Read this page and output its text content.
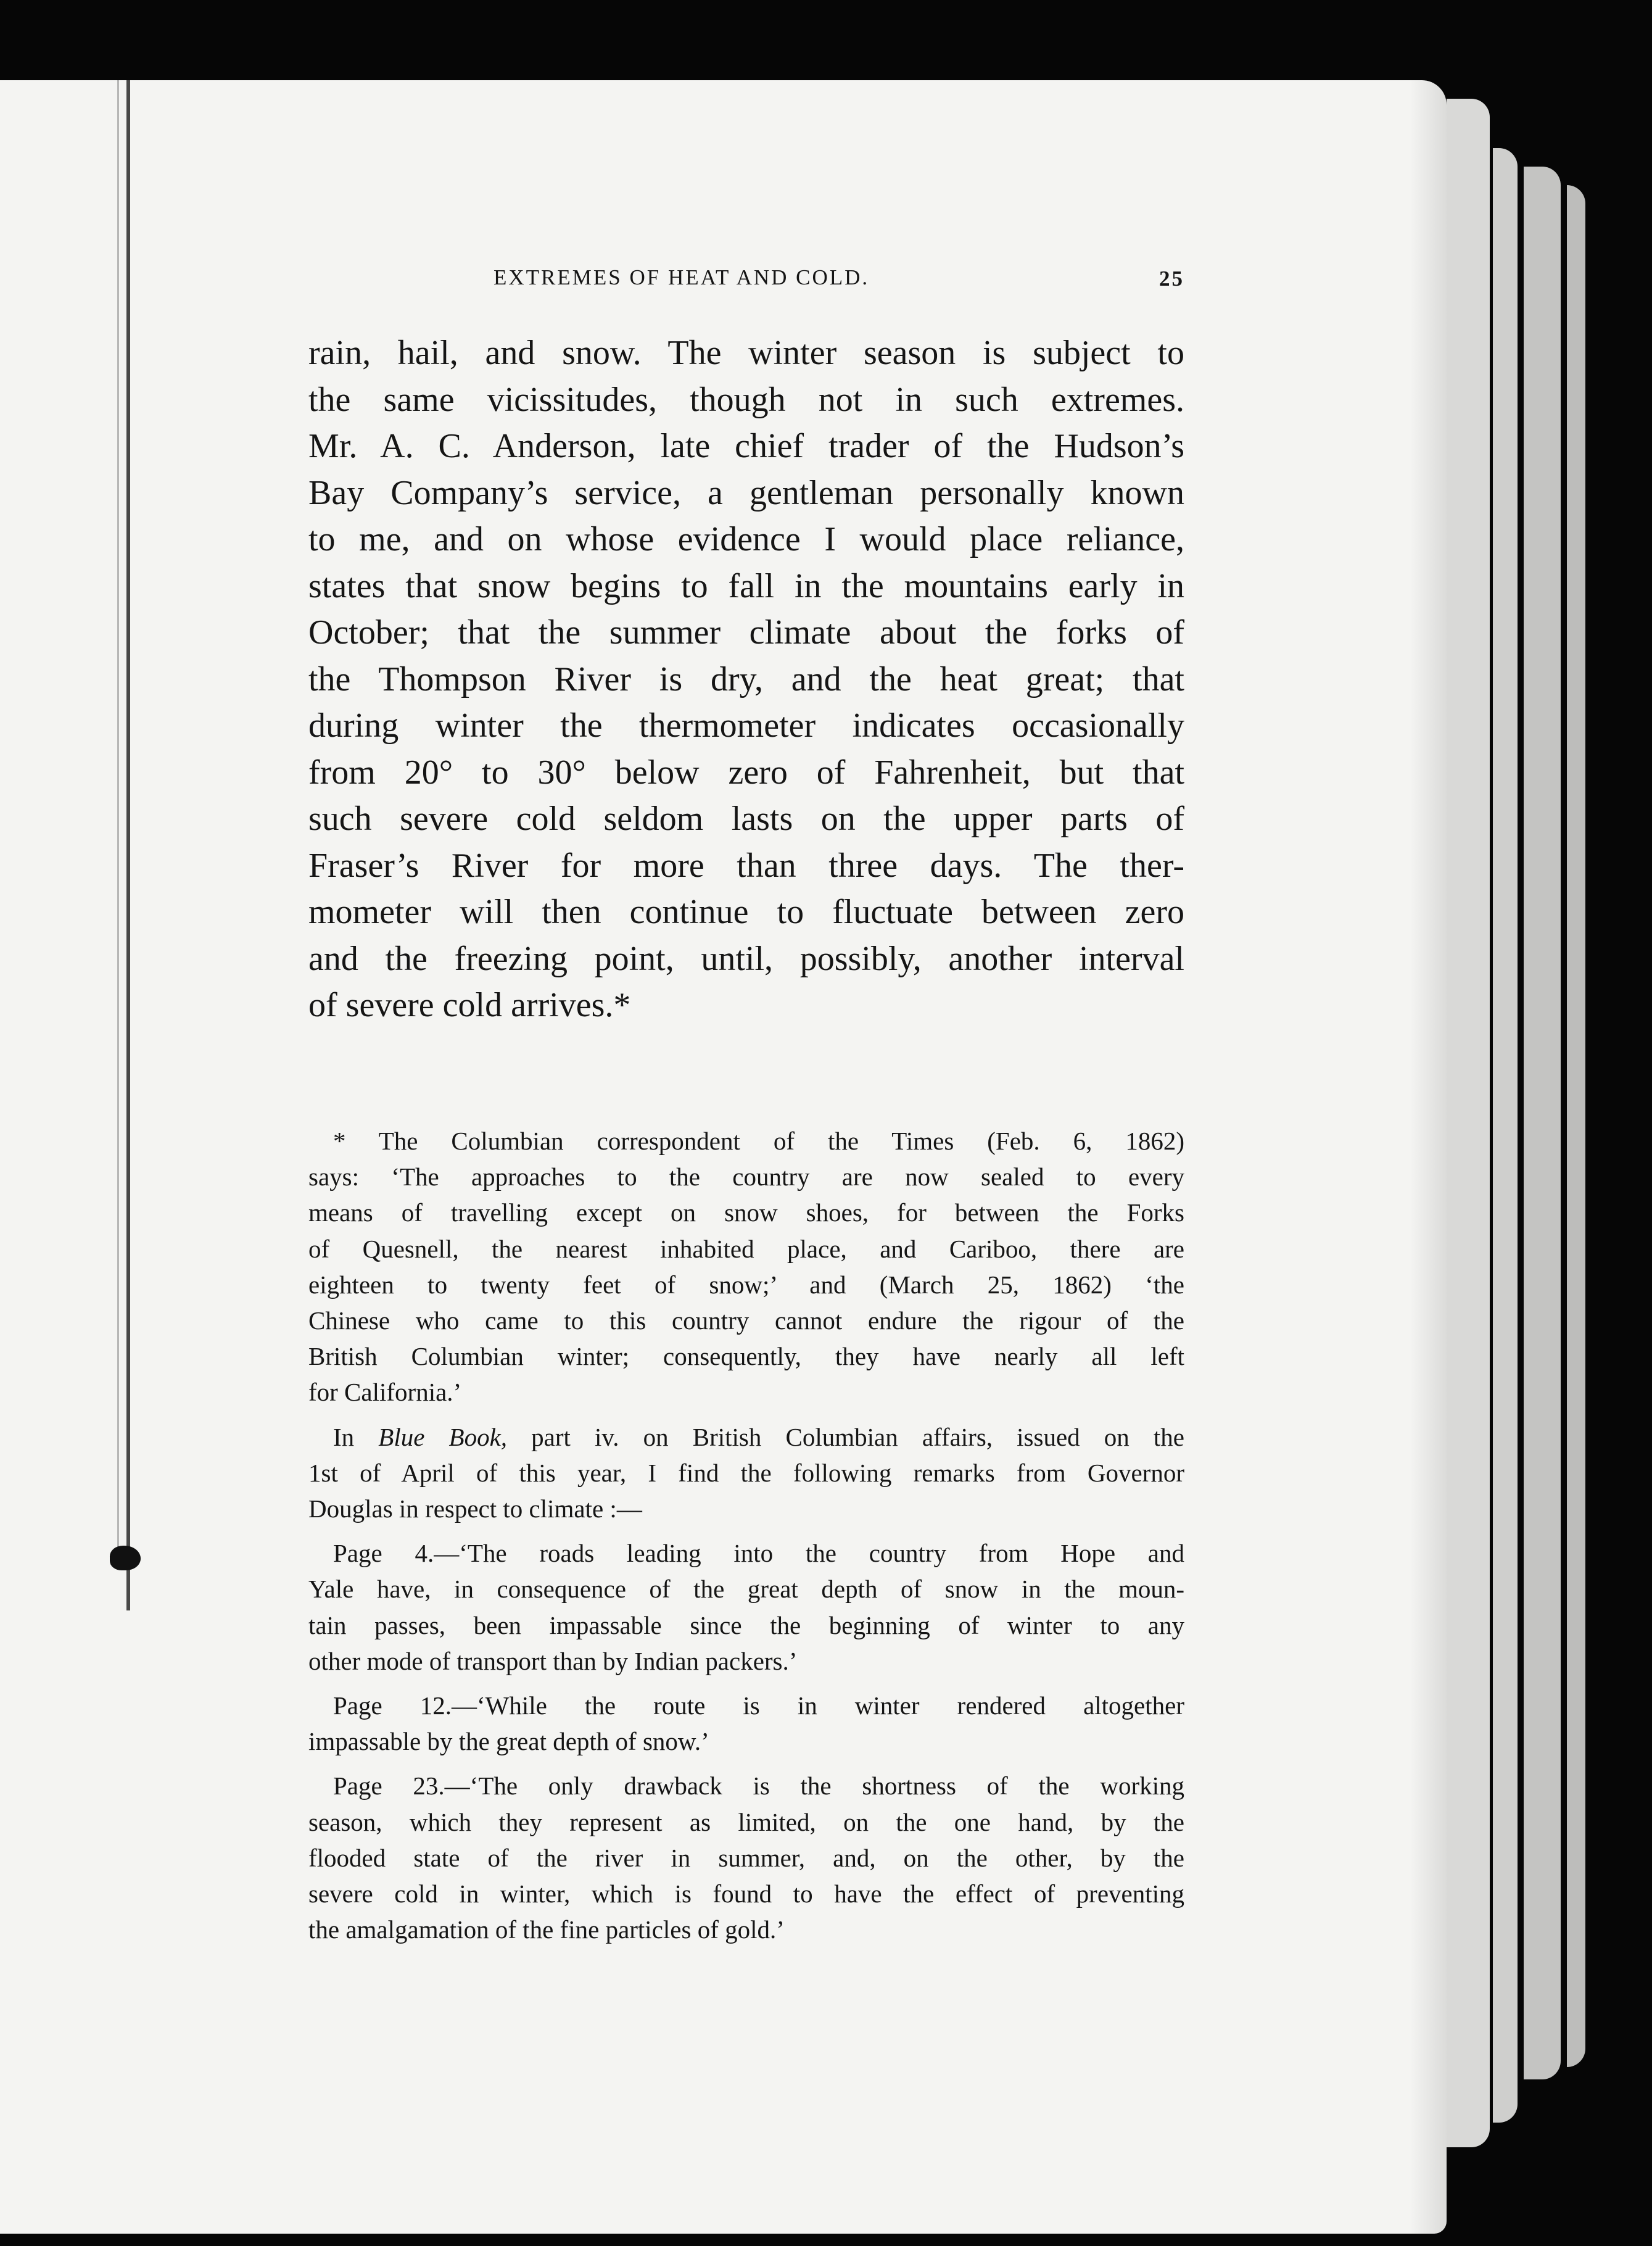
EXTREMES OF HEAT AND COLD.	25
rain, hail, and snow. The winter season is subject to
the same vicissitudes, though not in such extremes.
Mr. A. C. Anderson, late chief trader of the Hudson’s
Bay Company’s service, a gentleman personally known
to me, and on whose evidence I would place reliance,
states that snow begins to fall in the mountains early in
October; that the summer climate about the forks of
the Thompson River is dry, and the heat great; that
during winter the thermometer indicates occasionally
from 20° to 30° below zero of Fahrenheit, but that
such severe cold seldom lasts on the upper parts of
Fraser’s River for more than three days. The ther-
mometer will then continue to fluctuate between zero
and the freezing point, until, possibly, another interval
of severe cold arrives.*
* The Columbian correspondent of the Times (Feb. 6, 1862)
says: ‘The approaches to the country are now sealed to every
means of travelling except on snow shoes, for between the Forks
of Quesnell, the nearest inhabited place, and Cariboo, there are
eighteen to twenty feet of snow;’ and (March 25, 1862) ‘the
Chinese who came to this country cannot endure the rigour of the
British Columbian winter; consequently, they have nearly all left
for California.’
In Blue Book, part iv. on British Columbian affairs, issued on the
1st of April of this year, I find the following remarks from Governor
Douglas in respect to climate :—
Page 4.—‘The roads leading into the country from Hope and
Yale have, in consequence of the great depth of snow in the moun-
tain passes, been impassable since the beginning of winter to any
other mode of transport than by Indian packers.’
Page 12.—‘While the route is in winter rendered altogether
impassable by the great depth of snow.’
Page 23.—‘The only drawback is the shortness of the working
season, which they represent as limited, on the one hand, by the
flooded state of the river in summer, and, on the other, by the
severe cold in winter, which is found to have the effect of preventing
the amalgamation of the fine particles of gold.’
